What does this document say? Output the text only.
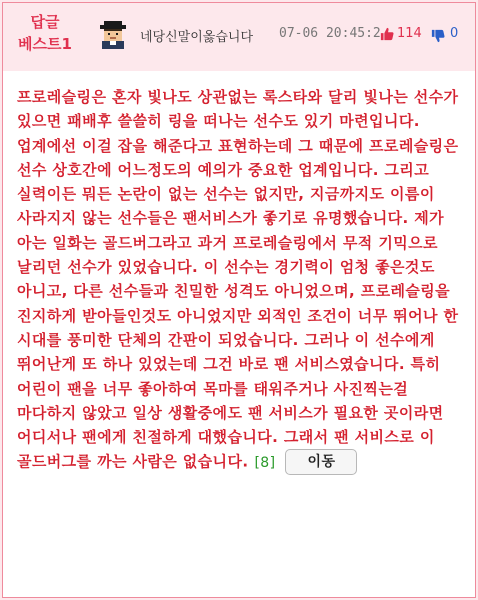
답글
베스트1	네당신말이옳습니다 07-06 20:45:2 114 0
프로레슬링은 혼자 빛나도 상관없는 록스타와 달리 빛나는 선수가 있으면 패배후 쓸쓸히 링을 떠나는 선수도 있기 마련입니다. 업계에선 이걸 잡을 해준다고 표현하는데 그 때문에 프로레슬링은 선수 상호간에 어느정도의 예의가 중요한 업계입니다. 그리고 실력이든 뭐든 논란이 없는 선수는 없지만, 지금까지도 이름이 사라지지 않는 선수들은 팬서비스가 좋기로 유명했습니다. 제가 아는 일화는 골드버그라고 과거 프로레슬링에서 무적 기믹으로 날리던 선수가 있었습니다. 이 선수는 경기력이 엄청 좋은것도 아니고, 다른 선수들과 친밀한 성격도 아니었으며, 프로레슬링을 진지하게 받아들인것도 아니었지만 외적인 조건이 너무 뛰어나 한 시대를 풍미한 단체의 간판이 되었습니다. 그러나 이 선수에게 뛰어난게 또 하나 있었는데 그건 바로 팬 서비스였습니다. 특히 어린이 팬을 너무 좋아하여 목마를 태워주거나 사진찍는걸 마다하지 않았고 일상 생활중에도 팬 서비스가 필요한 곳이라면 어디서나 팬에게 친절하게 대했습니다. 그래서 팬 서비스로 이 골드버그를 까는 사람은 없습니다. [8] 이동
